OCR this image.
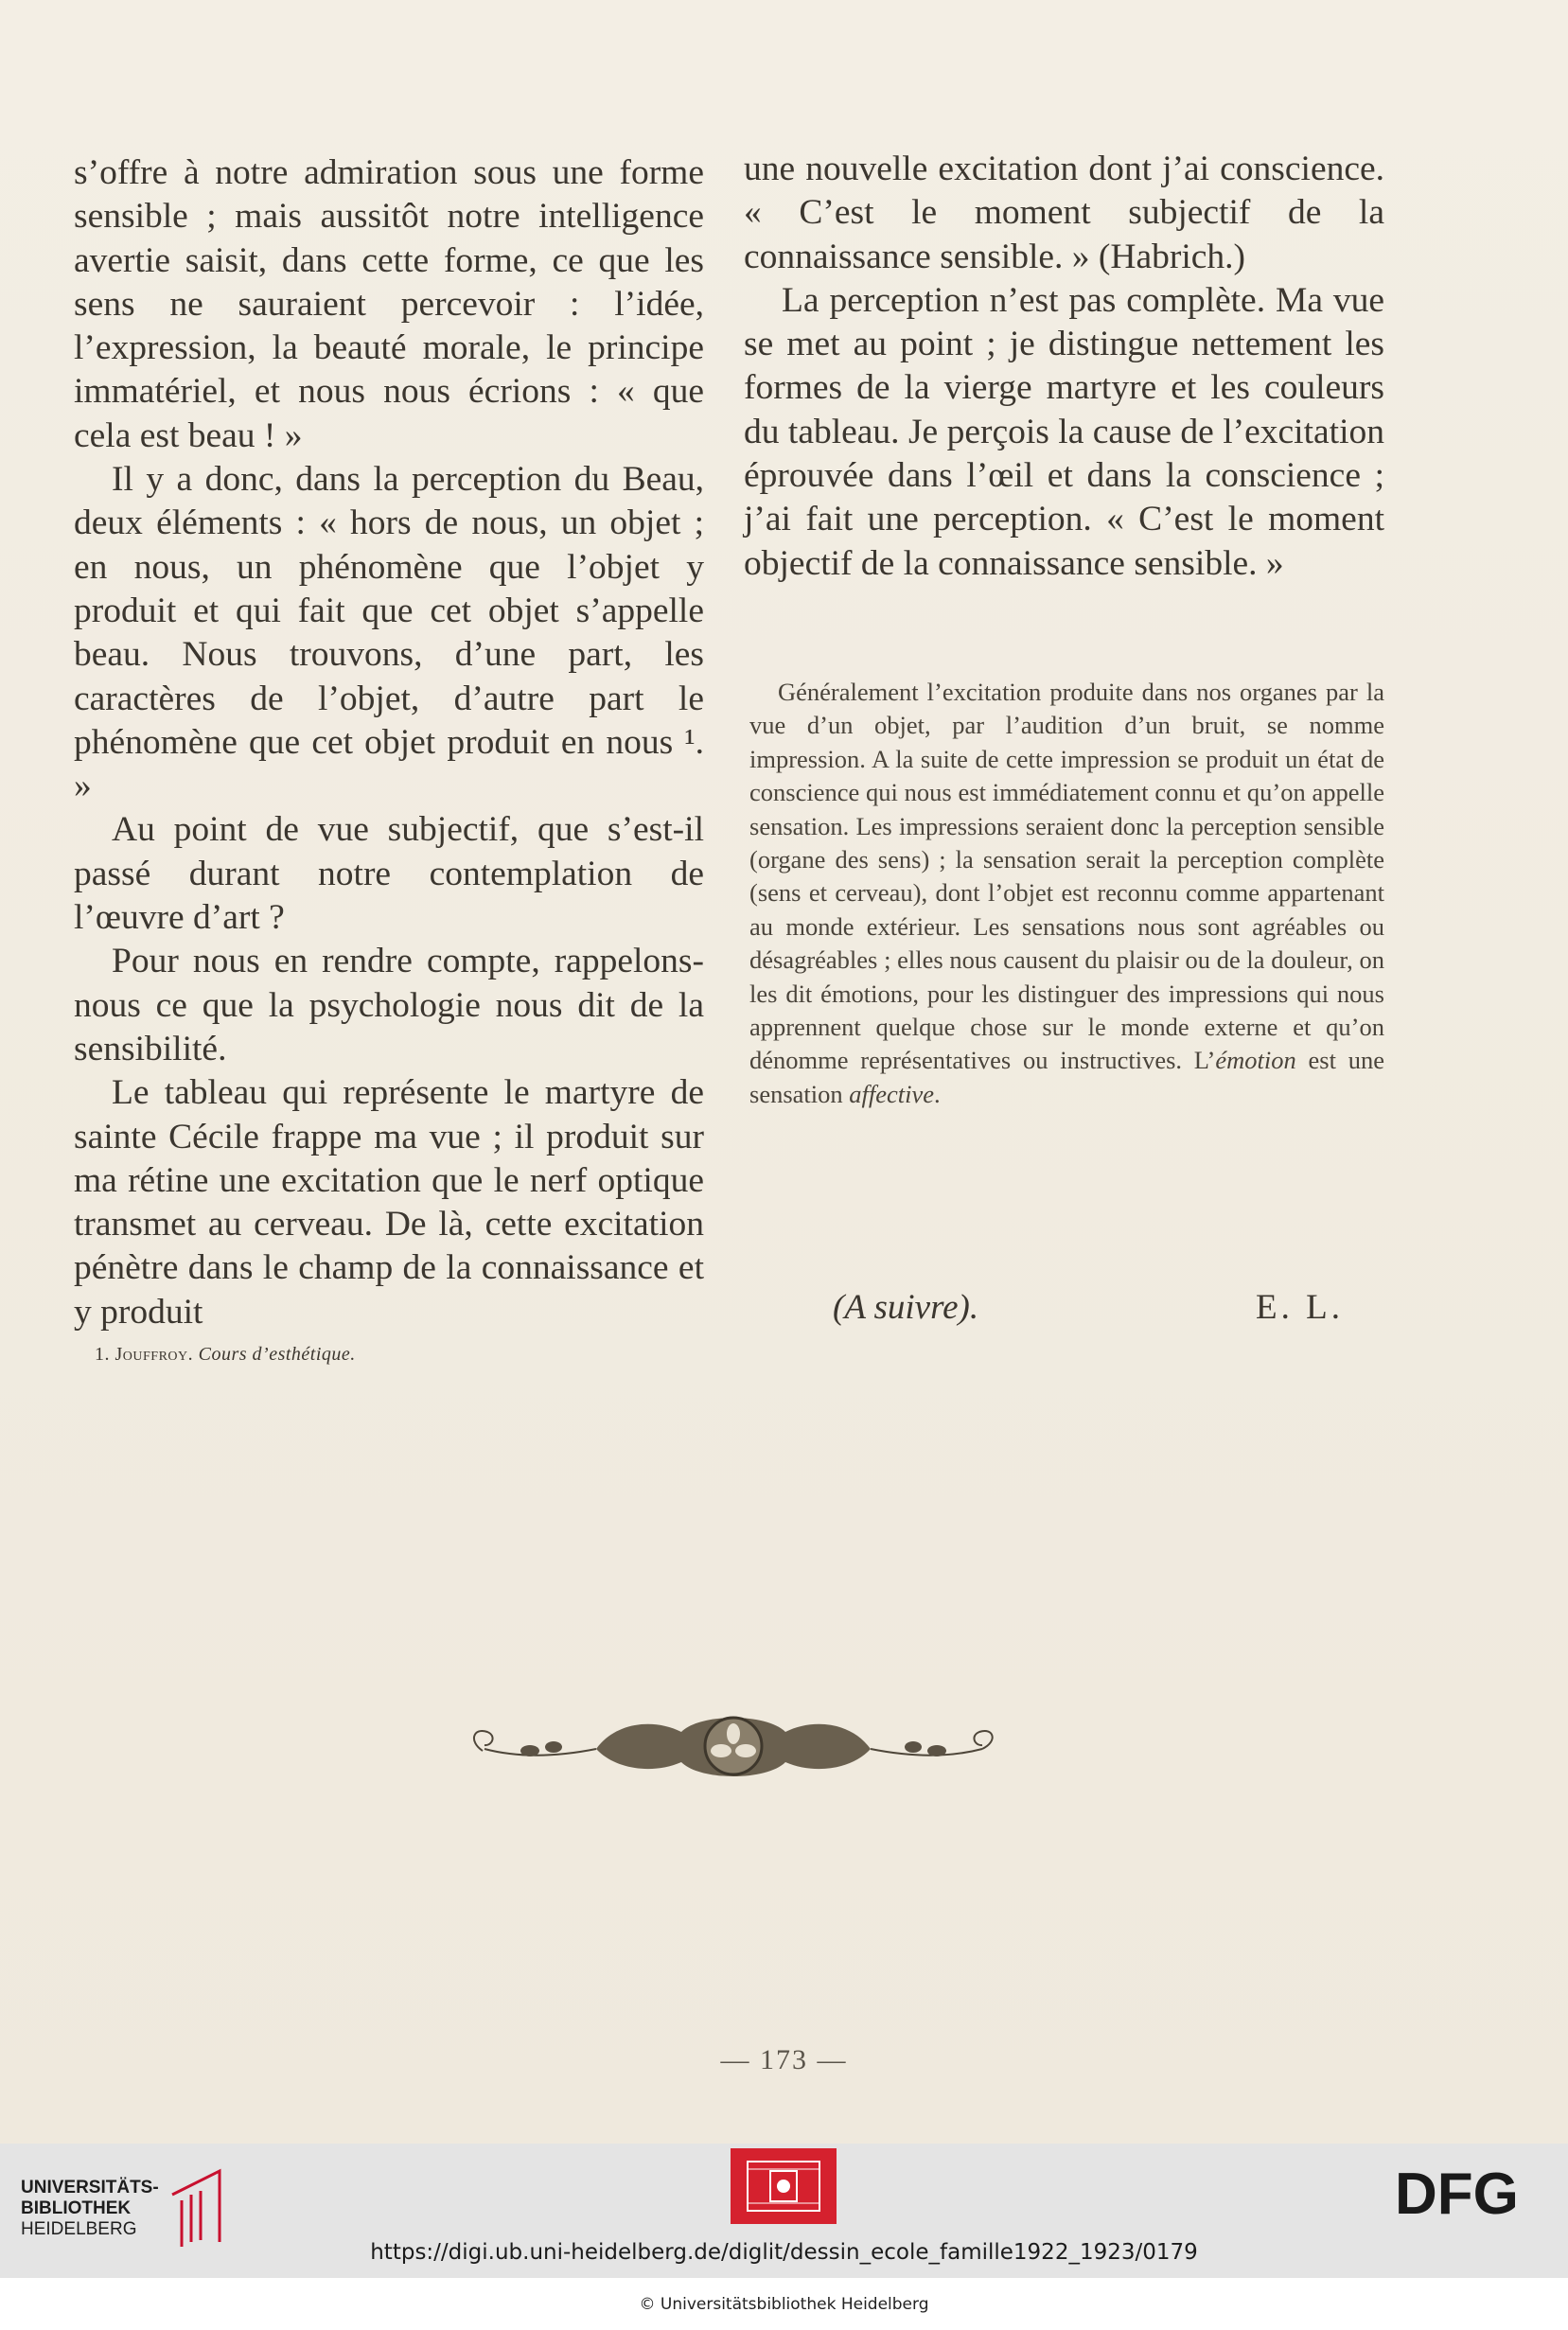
s’offre à notre admiration sous une forme sensible ; mais aussitôt notre intelligence avertie saisit, dans cette forme, ce que les sens ne sauraient percevoir : l’idée, l’expression, la beauté morale, le principe immatériel, et nous nous écrions : « que cela est beau ! »

Il y a donc, dans la perception du Beau, deux éléments : « hors de nous, un objet ; en nous, un phénomène que l’objet y produit et qui fait que cet objet s’appelle beau. Nous trouvons, d’une part, les caractères de l’objet, d’autre part le phénomène que cet objet produit en nous ¹. »

Au point de vue subjectif, que s’est-il passé durant notre contemplation de l’œuvre d’art ?

Pour nous en rendre compte, rappelons-nous ce que la psychologie nous dit de la sensibilité.

Le tableau qui représente le martyre de sainte Cécile frappe ma vue ; il produit sur ma rétine une excitation que le nerf optique transmet au cerveau. De là, cette excitation pénètre dans le champ de la connaissance et y produit

1. Jouffroy. Cours d’esthétique.

une nouvelle excitation dont j’ai conscience. « C’est le moment subjectif de la connaissance sensible. » (Habrich.)

La perception n’est pas complète. Ma vue se met au point ; je distingue nettement les formes de la vierge martyre et les couleurs du tableau. Je perçois la cause de l’excitation éprouvée dans l’œil et dans la conscience ; j’ai fait une perception. « C’est le moment objectif de la connaissance sensible. »

Généralement l’excitation produite dans nos organes par la vue d’un objet, par l’audition d’un bruit, se nomme impression. A la suite de cette impression se produit un état de conscience qui nous est immédiatement connu et qu’on appelle sensation. Les impressions seraient donc la perception sensible (organe des sens) ; la sensation serait la perception complète (sens et cerveau), dont l’objet est reconnu comme appartenant au monde extérieur. Les sensations nous sont agréables ou désagréables ; elles nous causent du plaisir ou de la douleur, on les dit émotions, pour les distinguer des impressions qui nous apprennent quelque chose sur le monde externe et qu’on dénomme représentatives ou instructives. L’émotion est une sensation affective.

(A suivre).	E. L.
— 173 —
UNIVERSITÄTS-
BIBLIOTHEK
HEIDELBERG
DFG
https://digi.ub.uni-heidelberg.de/diglit/dessin_ecole_famille1922_1923/0179
© Universitätsbibliothek Heidelberg
